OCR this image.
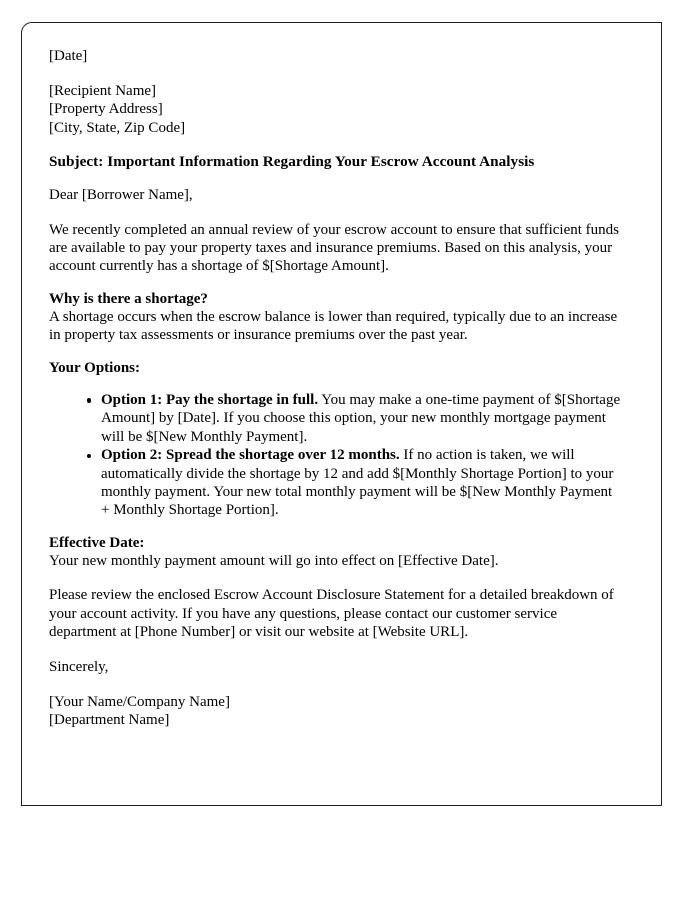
[Date]
[Recipient Name]
[Property Address]
[City, State, Zip Code]
Subject: Important Information Regarding Your Escrow Account Analysis
Dear [Borrower Name],

We recently completed an annual review of your escrow account to ensure that sufficient funds are available to pay your property taxes and insurance premiums. Based on this analysis, your account currently has a shortage of $[Shortage Amount].

Why is there a shortage?

A shortage occurs when the escrow balance is lower than required, typically due to an increase in property tax assessments or insurance premiums over the past year.

Your Options:
Option 1: Pay the shortage in full. You may make a one-time payment of $[Shortage Amount] by [Date]. If you choose this option, your new monthly mortgage payment will be $[New Monthly Payment].
Option 2: Spread the shortage over 12 months. If no action is taken, we will automatically divide the shortage by 12 and add $[Monthly Shortage Portion] to your monthly payment. Your new total monthly payment will be $[New Monthly Payment + Monthly Shortage Portion].
Effective Date:

Your new monthly payment amount will go into effect on [Effective Date].

Please review the enclosed Escrow Account Disclosure Statement for a detailed breakdown of your account activity. If you have any questions, please contact our customer service department at [Phone Number] or visit our website at [Website URL].

Sincerely,
[Your Name/Company Name]
[Department Name]
